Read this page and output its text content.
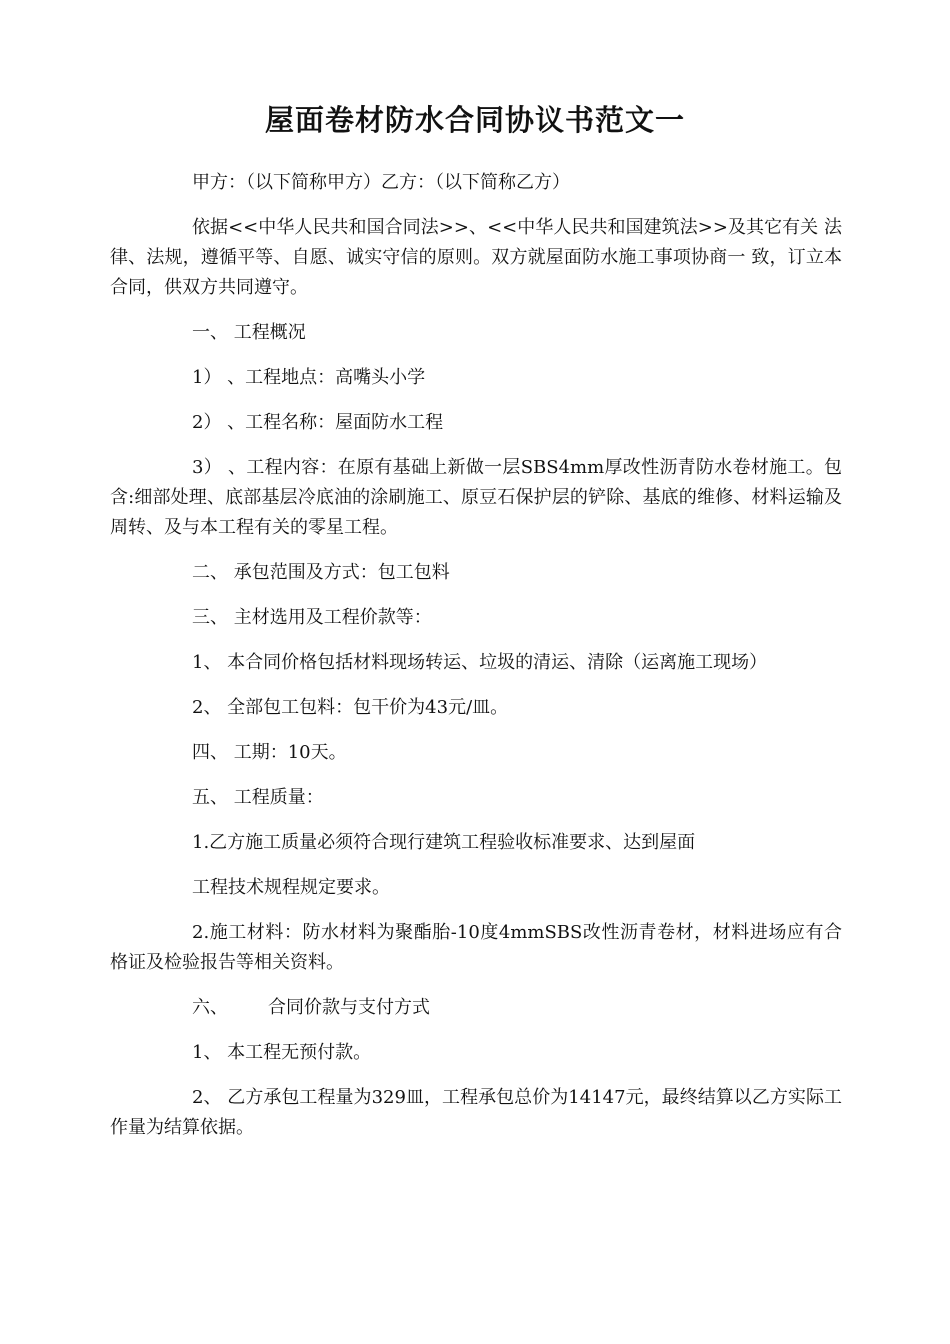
屋面卷材防水合同协议书范文一

甲方：（以下简称甲方）乙方：（以下简称乙方）

依据<<中华人民共和国合同法>>、<<中华人民共和国建筑法>>及其它有关 法律、法规，遵循平等、自愿、诚实守信的原则。双方就屋面防水施工事项协商一 致，订立本合同，供双方共同遵守。

一、 工程概况

1） 、工程地点：高嘴头小学

2） 、工程名称：屋面防水工程

3） 、工程内容：在原有基础上新做一层SBS4mm厚改性沥青防水卷材施工。包含:细部处理、底部基层冷底油的涂刷施工、原豆石保护层的铲除、基底的维修、材料运输及周转、及与本工程有关的零星工程。

二、 承包范围及方式：包工包料

三、 主材选用及工程价款等：

1、 本合同价格包括材料现场转运、垃圾的清运、清除（运离施工现场）

2、 全部包工包料：包干价为43元/皿。

四、 工期：10天。

五、 工程质量：

1.乙方施工质量必须符合现行建筑工程验收标准要求、达到屋面

工程技术规程规定要求。

2.施工材料：防水材料为聚酯胎-10度4mmSBS改性沥青卷材，材料进场应有合格证及检验报告等相关资料。

六、 合同价款与支付方式

1、 本工程无预付款。

2、 乙方承包工程量为329皿，工程承包总价为14147元，最终结算以乙方实际工作量为结算依据。
